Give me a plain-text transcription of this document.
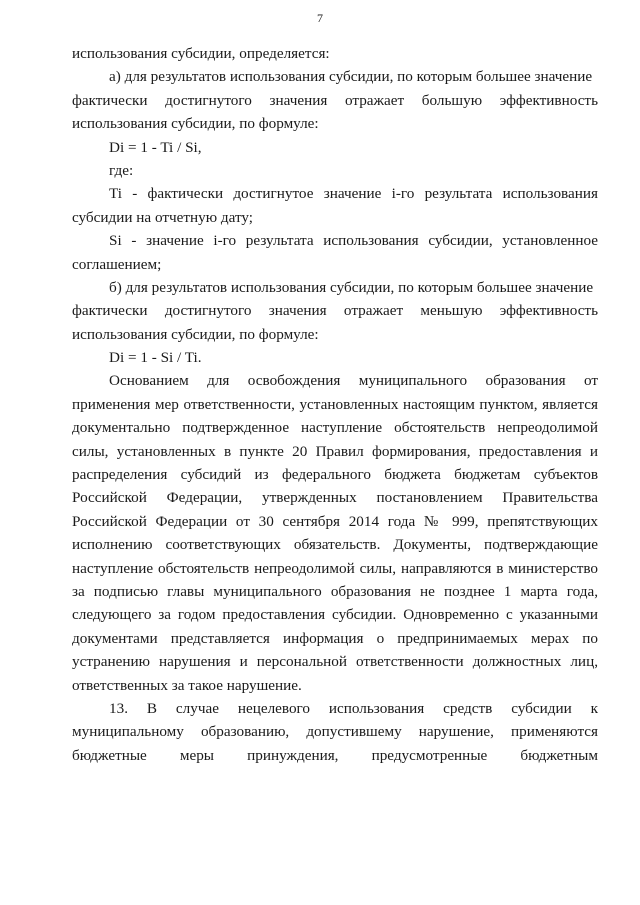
7
использования субсидии, определяется:
а) для результатов использования субсидии, по которым большее значение
фактически достигнутого значения отражает большую эффективность
использования субсидии, по формуле:
Di = 1 - Ti / Si,
где:
Ti - фактически достигнутое значение i-го результата использования
субсидии на отчетную дату;
Si - значение i-го результата использования субсидии, установленное
соглашением;
б) для результатов использования субсидии, по которым большее значение
фактически достигнутого значения отражает меньшую эффективность
использования субсидии, по формуле:
Di = 1 - Si / Ti.
Основанием для освобождения муниципального образования от
применения мер ответственности, установленных настоящим пунктом, является
документально подтвержденное наступление обстоятельств непреодолимой
силы, установленных в пункте 20 Правил формирования, предоставления и
распределения субсидий из федерального бюджета бюджетам субъектов
Российской Федерации, утвержденных постановлением Правительства
Российской Федерации от 30 сентября 2014 года № 999, препятствующих
исполнению соответствующих обязательств. Документы, подтверждающие
наступление обстоятельств непреодолимой силы, направляются в министерство
за подписью главы муниципального образования не позднее 1 марта года,
следующего за годом предоставления субсидии. Одновременно с указанными
документами представляется информация о предпринимаемых мерах по
устранению нарушения и персональной ответственности должностных лиц,
ответственных за такое нарушение.
13. В случае нецелевого использования средств субсидии к
муниципальному образованию, допустившему нарушение, применяются
бюджетные меры принуждения, предусмотренные бюджетным
